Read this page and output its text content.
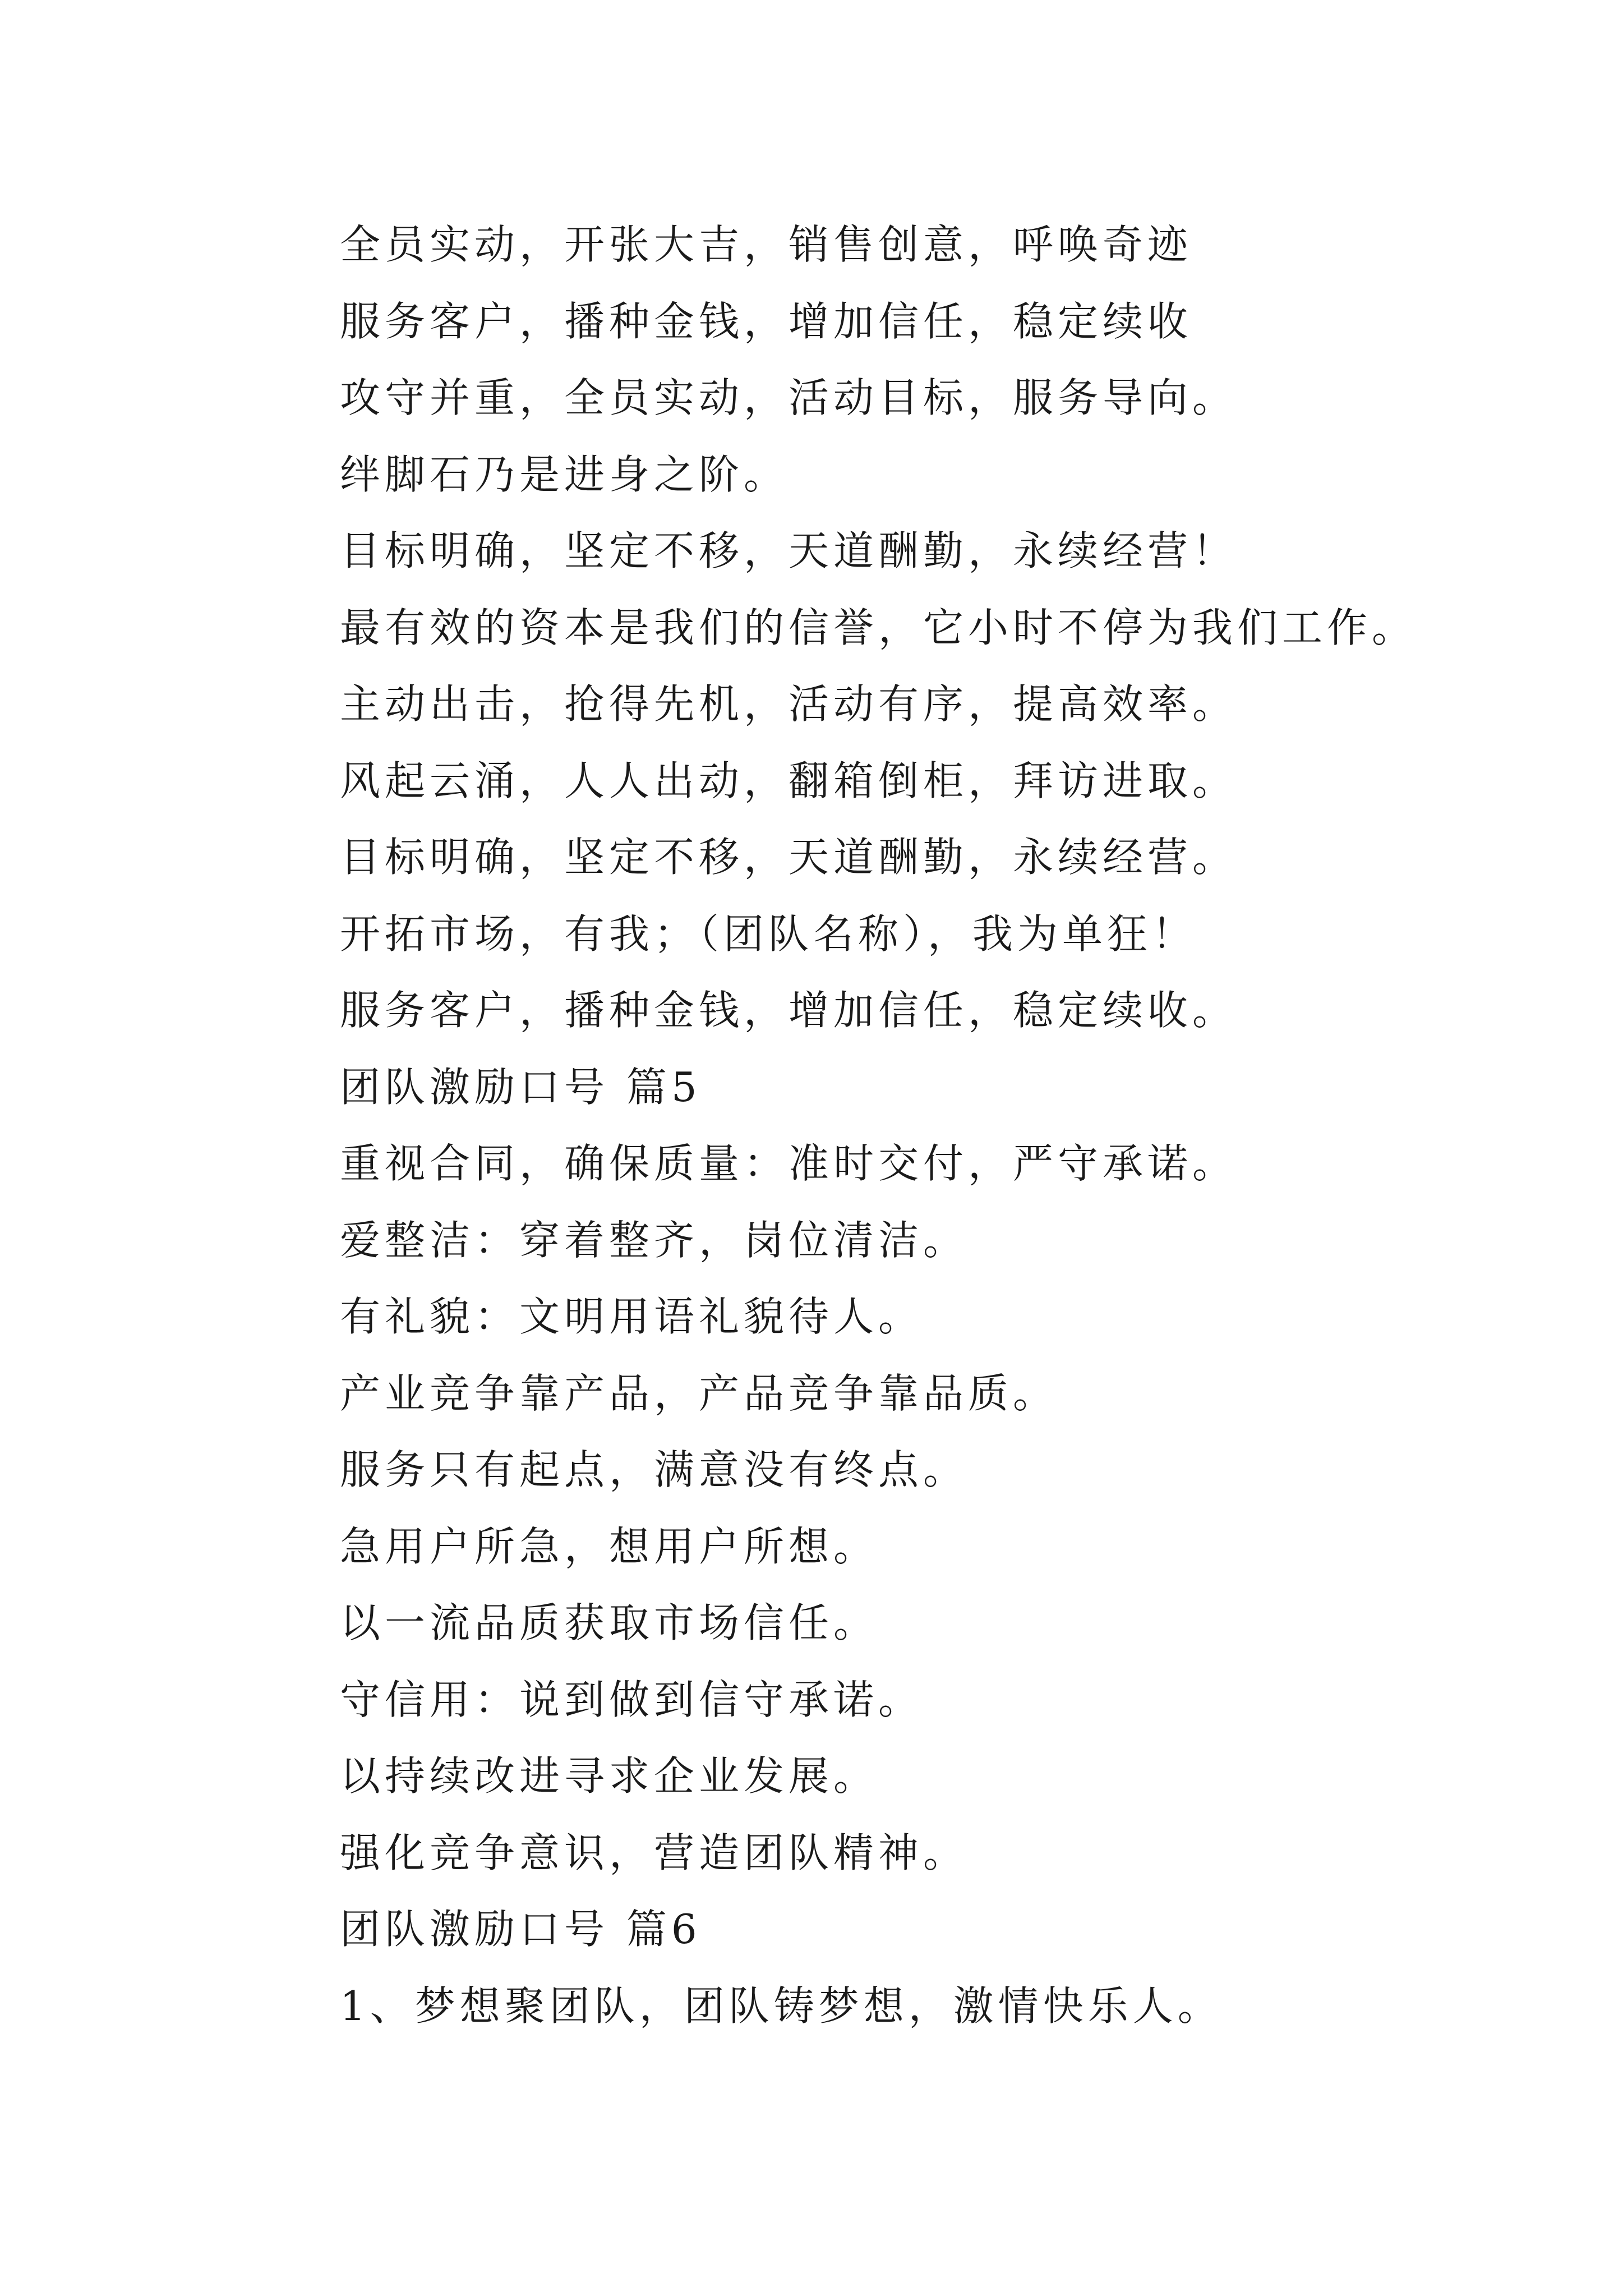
全员实动，开张大吉，销售创意，呼唤奇迹
服务客户，播种金钱，增加信任，稳定续收
攻守并重，全员实动，活动目标，服务导向。
绊脚石乃是进身之阶。
目标明确，坚定不移，天道酬勤，永续经营！
最有效的资本是我们的信誉，它小时不停为我们工作。
主动出击，抢得先机，活动有序，提高效率。
风起云涌，人人出动，翻箱倒柜，拜访进取。
目标明确，坚定不移，天道酬勤，永续经营。
开拓市场，有我；（团队名称），我为单狂！
服务客户，播种金钱，增加信任，稳定续收。
团队激励口号 篇5
重视合同，确保质量：准时交付，严守承诺。
爱整洁：穿着整齐，岗位清洁。
有礼貌：文明用语礼貌待人。
产业竞争靠产品，产品竞争靠品质。
服务只有起点，满意没有终点。
急用户所急，想用户所想。
以一流品质获取市场信任。
守信用：说到做到信守承诺。
以持续改进寻求企业发展。
强化竞争意识，营造团队精神。
团队激励口号 篇6
1、梦想聚团队，团队铸梦想，激情快乐人。
